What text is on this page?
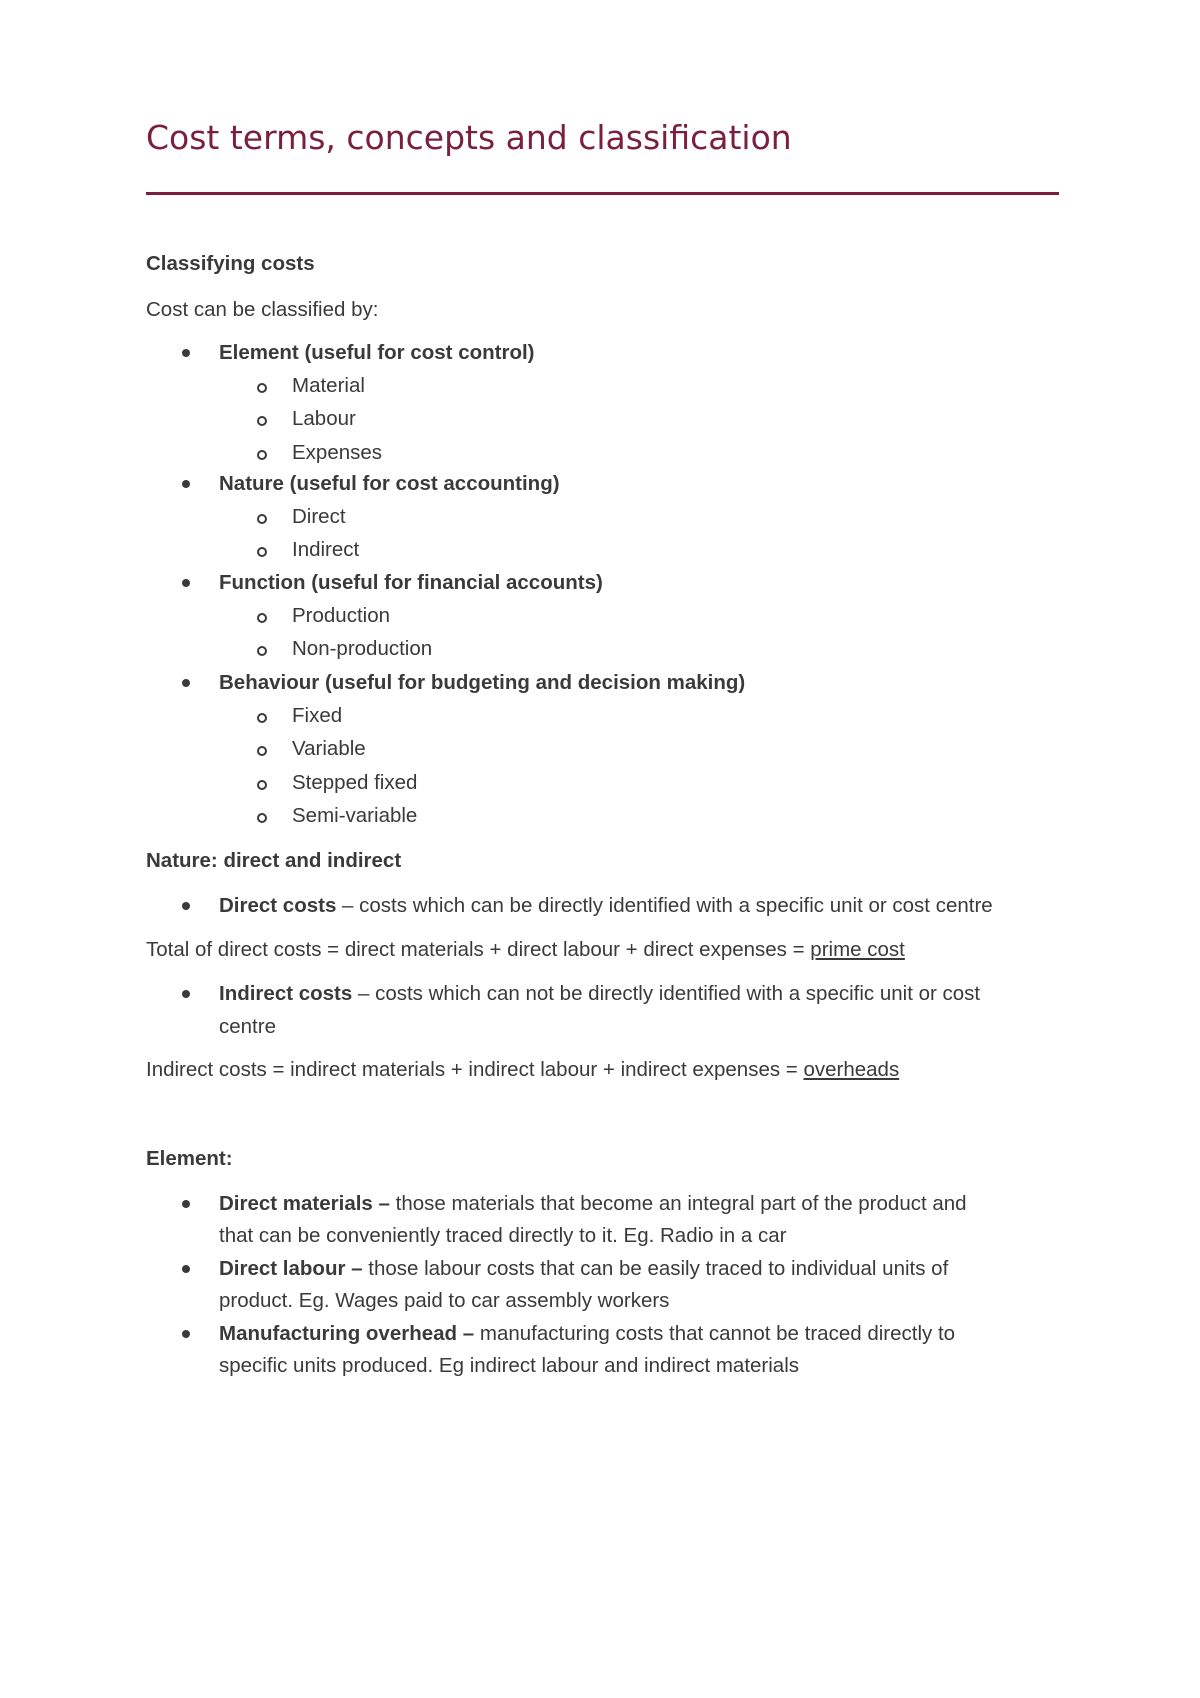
Cost terms, concepts and classification
Classifying costs
Cost can be classified by:
Element (useful for cost control)
Material
Labour
Expenses
Nature (useful for cost accounting)
Direct
Indirect
Function (useful for financial accounts)
Production
Non-production
Behaviour (useful for budgeting and decision making)
Fixed
Variable
Stepped fixed
Semi-variable
Nature: direct and indirect
Direct costs – costs which can be directly identified with a specific unit or cost centre
Total of direct costs = direct materials + direct labour + direct expenses = prime cost
Indirect costs – costs which can not be directly identified with a specific unit or cost
centre
Indirect costs = indirect materials + indirect labour + indirect expenses = overheads
Element:
Direct materials – those materials that become an integral part of the product and
that can be conveniently traced directly to it. Eg. Radio in a car
Direct labour – those labour costs that can be easily traced to individual units of
product. Eg. Wages paid to car assembly workers
Manufacturing overhead – manufacturing costs that cannot be traced directly to
specific units produced. Eg indirect labour and indirect materials
